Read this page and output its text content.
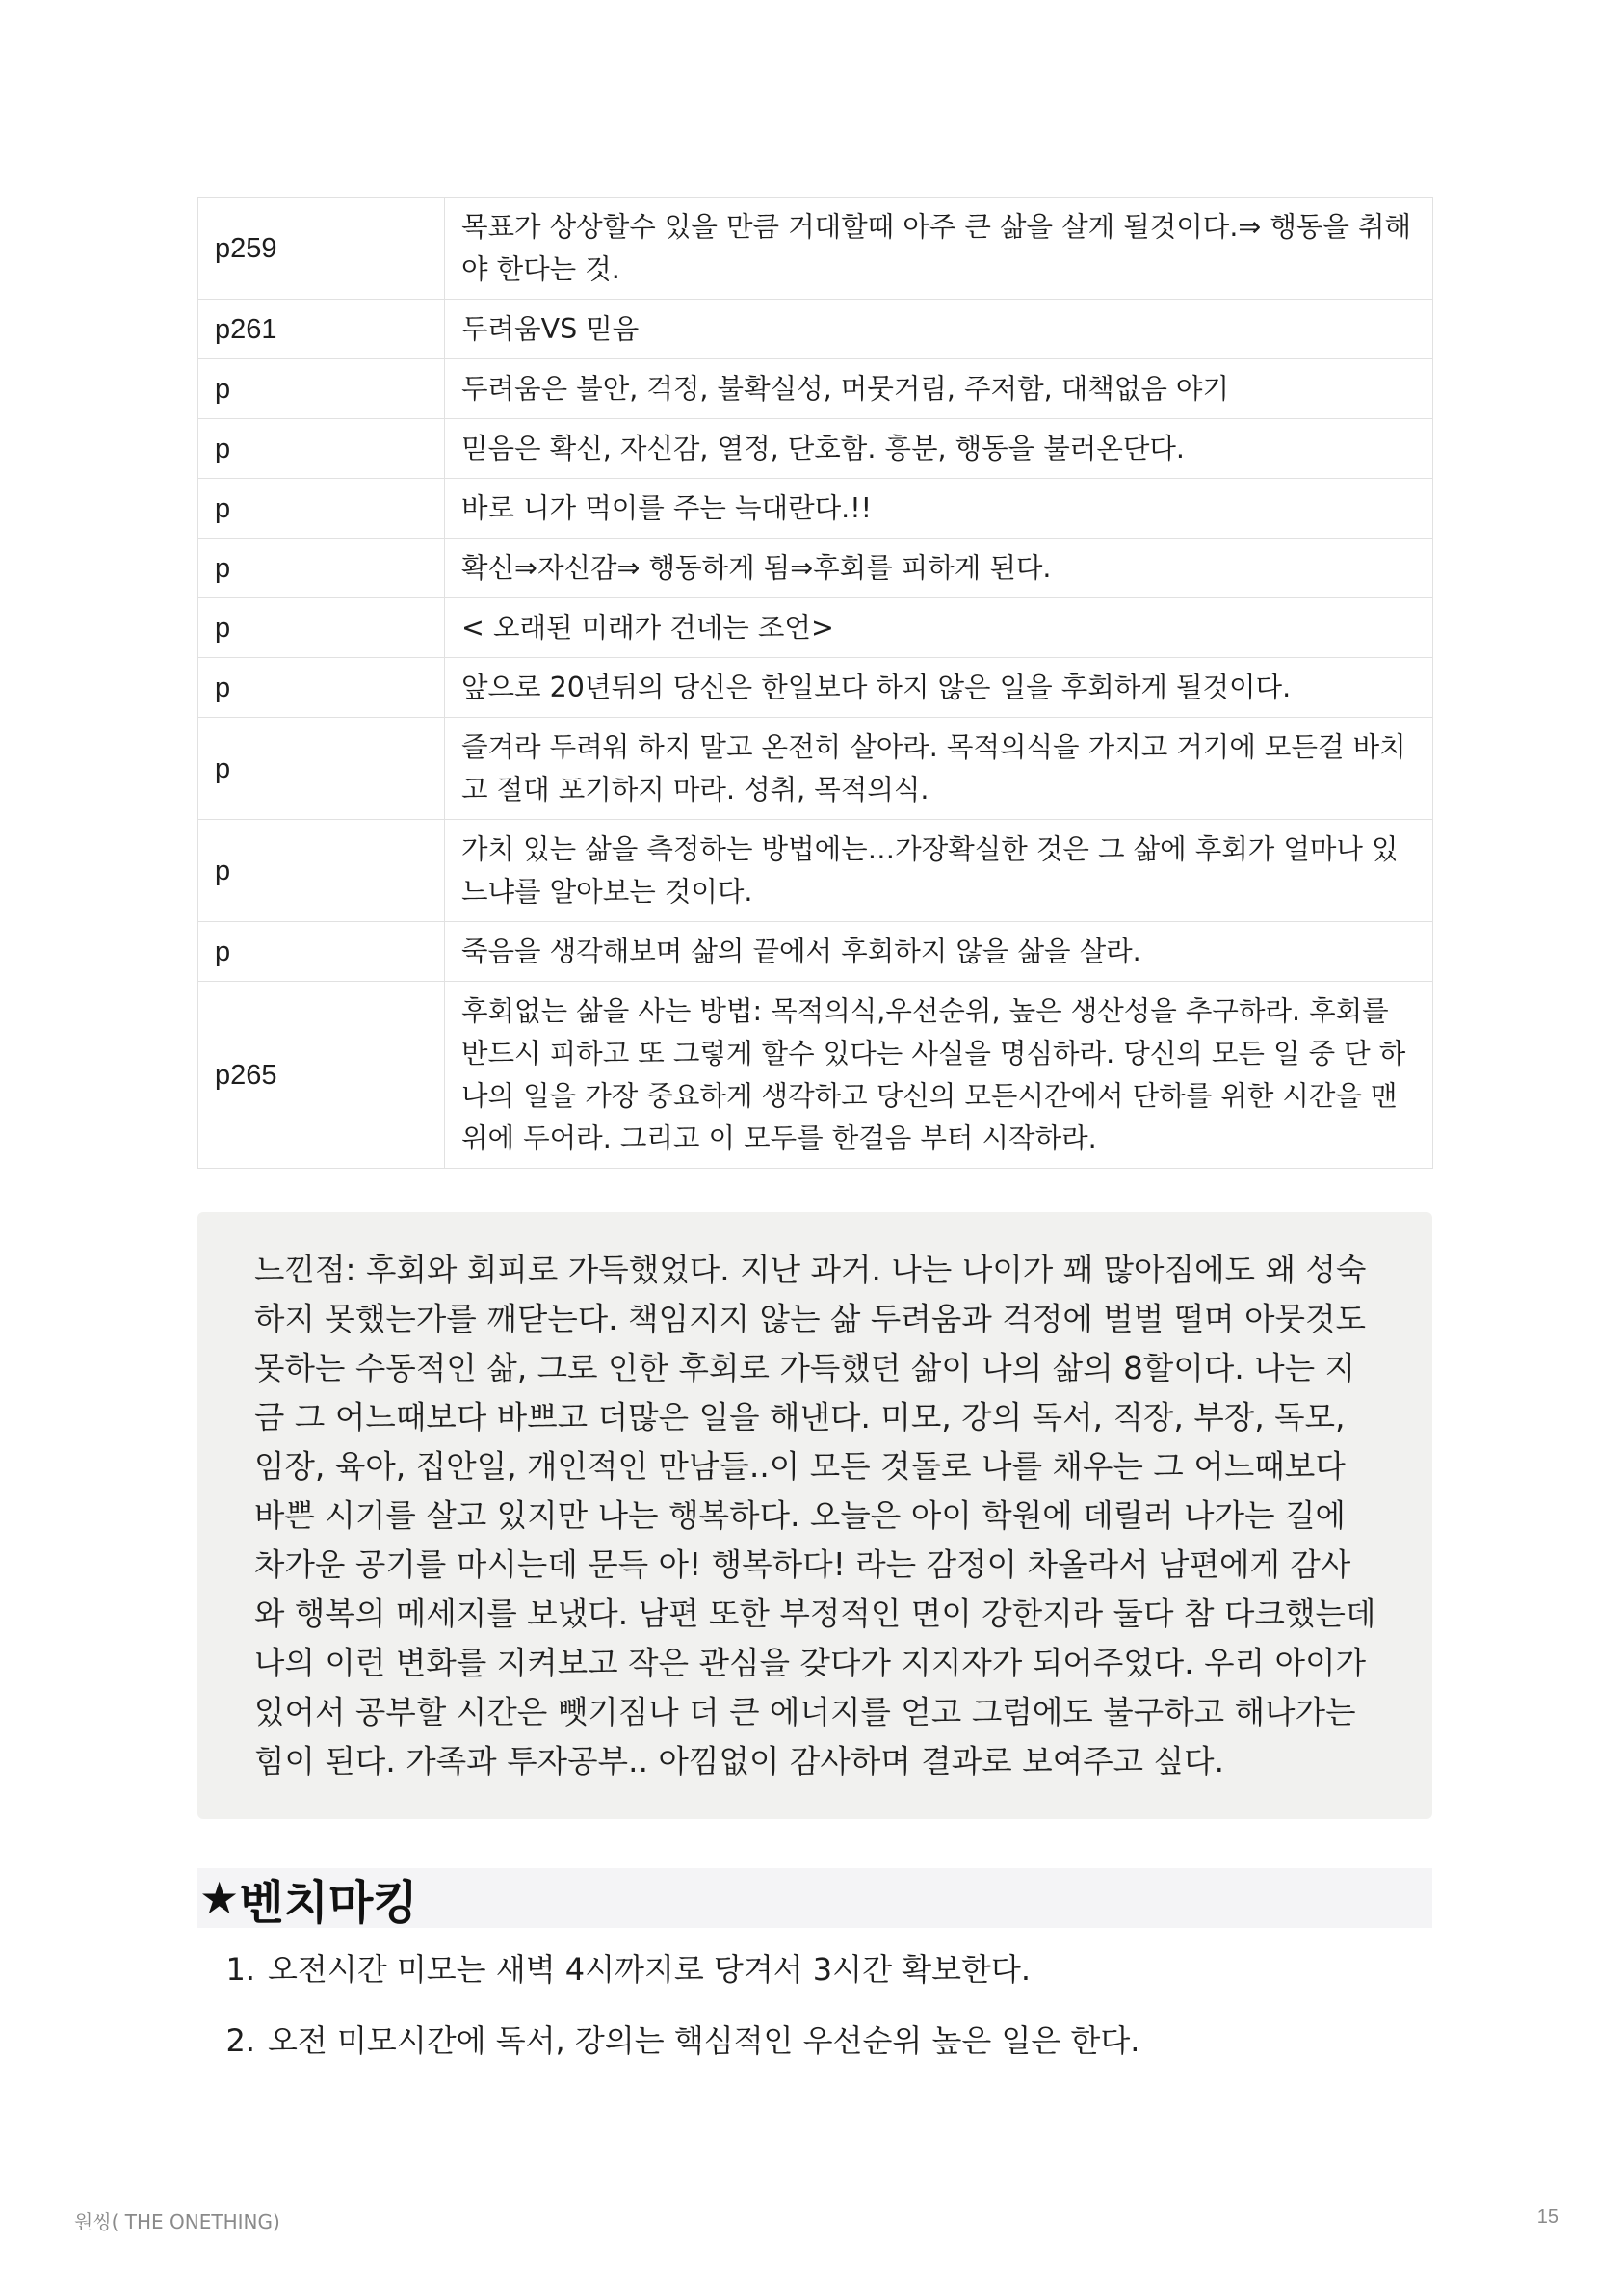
p259	목표가 상상할수 있을 만큼 거대할때 아주 큰 삶을 살게 될것이다.⇒ 행동을 취해야 한다는 것.
p261	두려움VS 믿음
p	두려움은 불안, 걱정, 불확실성, 머뭇거림, 주저함, 대책없음 야기
p	믿음은 확신, 자신감, 열정, 단호함. 흥분, 행동을 불러온단다.
p	바로 니가 먹이를 주는 늑대란다.!!
p	확신⇒자신감⇒ 행동하게 됨⇒후회를 피하게 된다.
p	< 오래된 미래가 건네는 조언>
p	앞으로 20년뒤의 당신은 한일보다 하지 않은 일을 후회하게 될것이다.
p	즐겨라 두려워 하지 말고 온전히 살아라. 목적의식을 가지고 거기에 모든걸 바치고 절대 포기하지 마라. 성취, 목적의식.
p	가치 있는 삶을 측정하는 방법에는…가장확실한 것은 그 삶에 후회가 얼마나 있느냐를 알아보는 것이다.
p	죽음을 생각해보며 삶의 끝에서 후회하지 않을 삶을 살라.
p265	후회없는 삶을 사는 방법: 목적의식,우선순위, 높은 생산성을 추구하라. 후회를 반드시 피하고 또 그렇게 할수 있다는 사실을 명심하라. 당신의 모든 일 중 단 하나의 일을 가장 중요하게 생각하고 당신의 모든시간에서 단하를 위한 시간을 맨 위에 두어라. 그리고 이 모두를 한걸음 부터 시작하라.

느낀점: 후회와 회피로 가득했었다. 지난 과거. 나는 나이가 꽤 많아짐에도 왜 성숙하지 못했는가를 깨닫는다. 책임지지 않는 삶 두려움과 걱정에 벌벌 떨며 아뭇것도 못하는 수동적인 삶, 그로 인한 후회로 가득했던 삶이 나의 삶의 8할이다. 나는 지금 그 어느때보다 바쁘고 더많은 일을 해낸다. 미모, 강의 독서, 직장, 부장, 독모, 임장, 육아, 집안일, 개인적인 만남들..이 모든 것돌로 나를 채우는 그 어느때보다 바쁜 시기를 살고 있지만 나는 행복하다. 오늘은 아이 학원에 데릴러 나가는 길에 차가운 공기를 마시는데 문득 아! 행복하다! 라는 감정이 차올라서 남편에게 감사와 행복의 메세지를 보냈다. 남편 또한 부정적인 면이 강한지라 둘다 참 다크했는데 나의 이런 변화를 지켜보고 작은 관심을 갖다가 지지자가 되어주었다. 우리 아이가 있어서 공부할 시간은 뺏기짐나 더 큰 에너지를 얻고 그럼에도 불구하고 해나가는 힘이 된다. 가족과 투자공부.. 아낌없이 감사하며 결과로 보여주고 싶다.

★ 벤치마킹
1. 오전시간 미모는 새벽 4시까지로 당겨서 3시간 확보한다.
2. 오전 미모시간에 독서, 강의는 핵심적인 우선순위 높은 일은 한다.
원씽( THE ONETHING)	15
